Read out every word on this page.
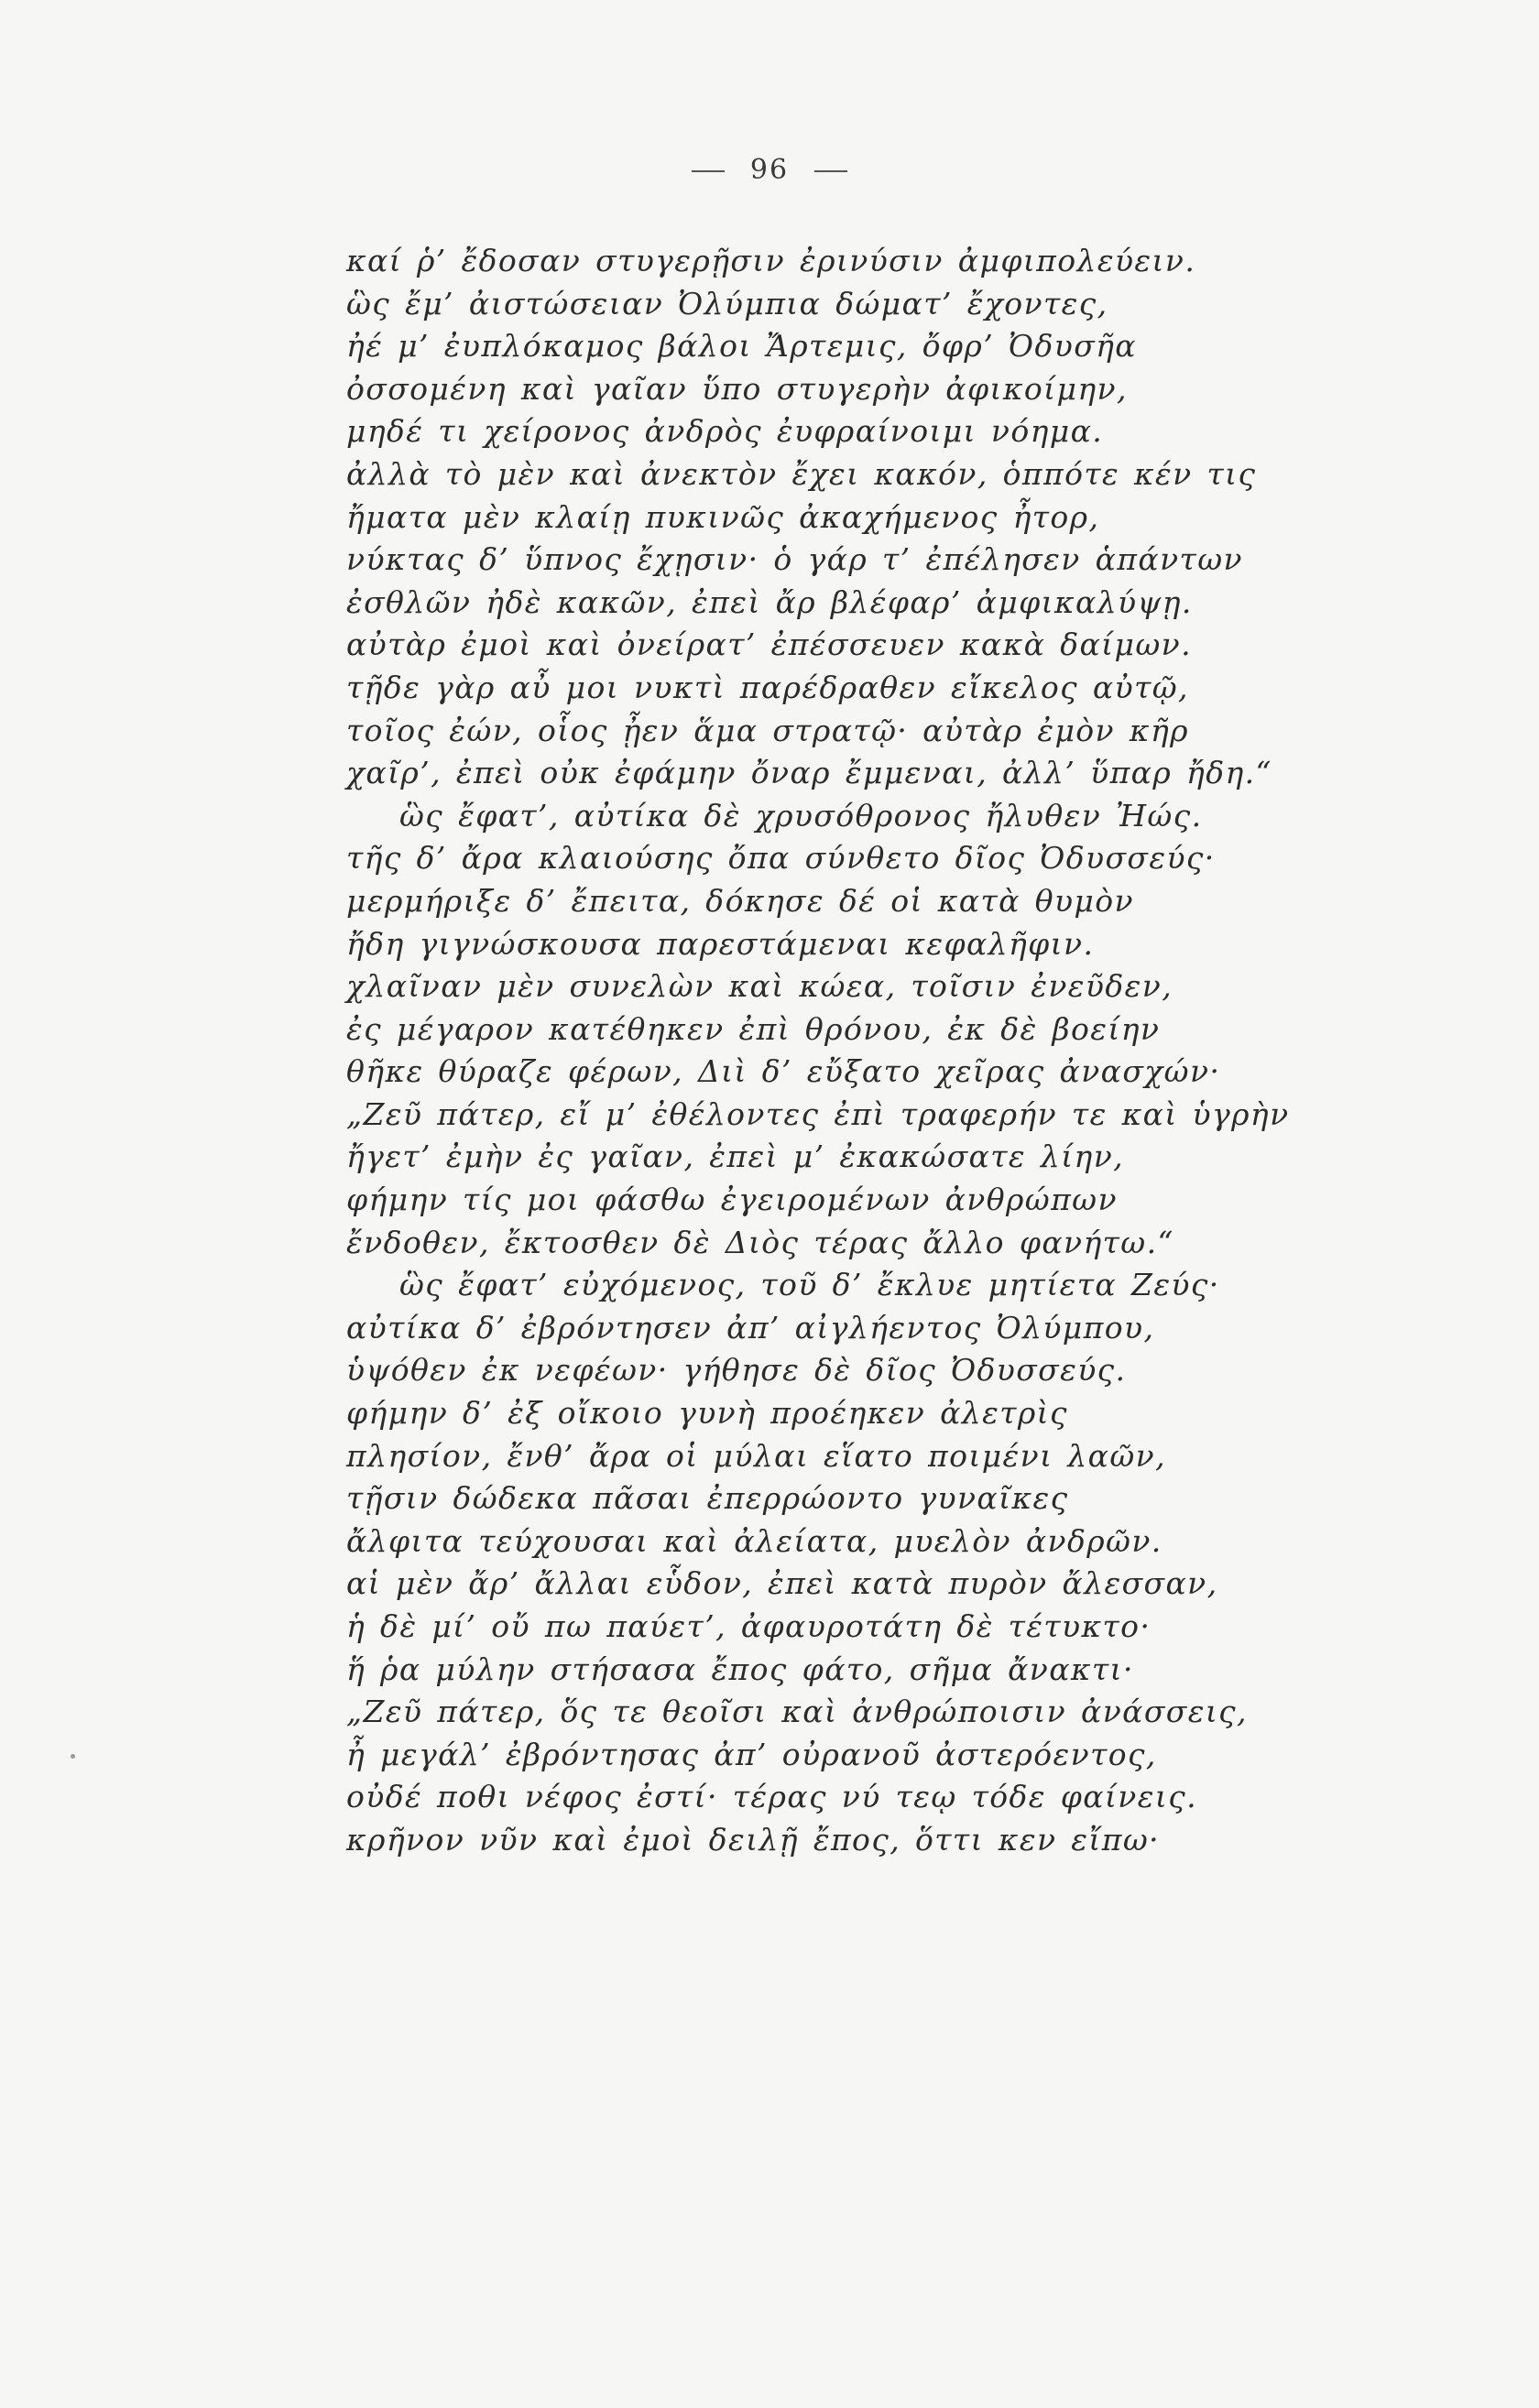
96
καί ῥ’ ἔδοσαν στυγερῇσιν ἐρινύσιν ἀμφιπολεύειν.
ὣς ἔμ’ ἀιστώσειαν Ὀλύμπια δώματ’ ἔχοντες,
ἠέ μ’ ἐυπλόκαμος βάλοι Ἄρτεμις, ὄφρ’ Ὀδυσῆα
ὀσσομένη καὶ γαῖαν ὕπο στυγερὴν ἀφικοίμην,
μηδέ τι χείρονος ἀνδρὸς ἐυφραίνοιμι νόημα.
ἀλλὰ τὸ μὲν καὶ ἀνεκτὸν ἔχει κακόν, ὁππότε κέν τις
ἤματα μὲν κλαίῃ πυκινῶς ἀκαχήμενος ἦτορ,
νύκτας δ’ ὕπνος ἔχῃσιν· ὁ γάρ τ’ ἐπέλησεν ἁπάντων
ἐσθλῶν ἠδὲ κακῶν, ἐπεὶ ἄρ βλέφαρ’ ἀμφικαλύψῃ.
αὐτὰρ ἐμοὶ καὶ ὀνείρατ’ ἐπέσσευεν κακὰ δαίμων.
τῇδε γὰρ αὖ μοι νυκτὶ παρέδραθεν εἴκελος αὐτῷ,
τοῖος ἐών, οἷος ᾖεν ἅμα στρατῷ· αὐτὰρ ἐμὸν κῆρ
χαῖρ’, ἐπεὶ οὐκ ἐφάμην ὄναρ ἔμμεναι, ἀλλ’ ὕπαρ ἤδη.“
ὣς ἔφατ’, αὐτίκα δὲ χρυσόθρονος ἤλυθεν Ἠώς.
τῆς δ’ ἄρα κλαιούσης ὄπα σύνθετο δῖος Ὀδυσσεύς·
μερμήριξε δ’ ἔπειτα, δόκησε δέ οἱ κατὰ θυμὸν
ἤδη γιγνώσκουσα παρεστάμεναι κεφαλῆφιν.
χλαῖναν μὲν συνελὼν καὶ κώεα, τοῖσιν ἐνεῦδεν,
ἐς μέγαρον κατέθηκεν ἐπὶ θρόνου, ἐκ δὲ βοείην
θῆκε θύραζε φέρων, Διὶ δ’ εὔξατο χεῖρας ἀνασχών·
„Ζεῦ πάτερ, εἴ μ’ ἐθέλοντες ἐπὶ τραφερήν τε καὶ ὑγρὴν
ἤγετ’ ἐμὴν ἐς γαῖαν, ἐπεὶ μ’ ἐκακώσατε λίην,
φήμην τίς μοι φάσθω ἐγειρομένων ἀνθρώπων
ἔνδοθεν, ἔκτοσθεν δὲ Διὸς τέρας ἄλλο φανήτω.“
ὣς ἔφατ’ εὐχόμενος, τοῦ δ’ ἔκλυε μητίετα Ζεύς·
αὐτίκα δ’ ἐβρόντησεν ἀπ’ αἰγλήεντος Ὀλύμπου,
ὑψόθεν ἐκ νεφέων· γήθησε δὲ δῖος Ὀδυσσεύς.
φήμην δ’ ἐξ οἴκοιο γυνὴ προέηκεν ἀλετρὶς
πλησίον, ἔνθ’ ἄρα οἱ μύλαι εἵατο ποιμένι λαῶν,
τῇσιν δώδεκα πᾶσαι ἐπερρώοντο γυναῖκες
ἄλφιτα τεύχουσαι καὶ ἀλείατα, μυελὸν ἀνδρῶν.
αἱ μὲν ἄρ’ ἄλλαι εὗδον, ἐπεὶ κατὰ πυρὸν ἄλεσσαν,
ἡ δὲ μί’ οὔ πω παύετ’, ἀφαυροτάτη δὲ τέτυκτο·
ἥ ῥα μύλην στήσασα ἔπος φάτο, σῆμα ἄνακτι·
„Ζεῦ πάτερ, ὅς τε θεοῖσι καὶ ἀνθρώποισιν ἀνάσσεις,
ἦ μεγάλ’ ἐβρόντησας ἀπ’ οὐρανοῦ ἀστερόεντος,
οὐδέ ποθι νέφος ἐστί· τέρας νύ τεῳ τόδε φαίνεις.
κρῆνον νῦν καὶ ἐμοὶ δειλῇ ἔπος, ὅττι κεν εἴπω·
